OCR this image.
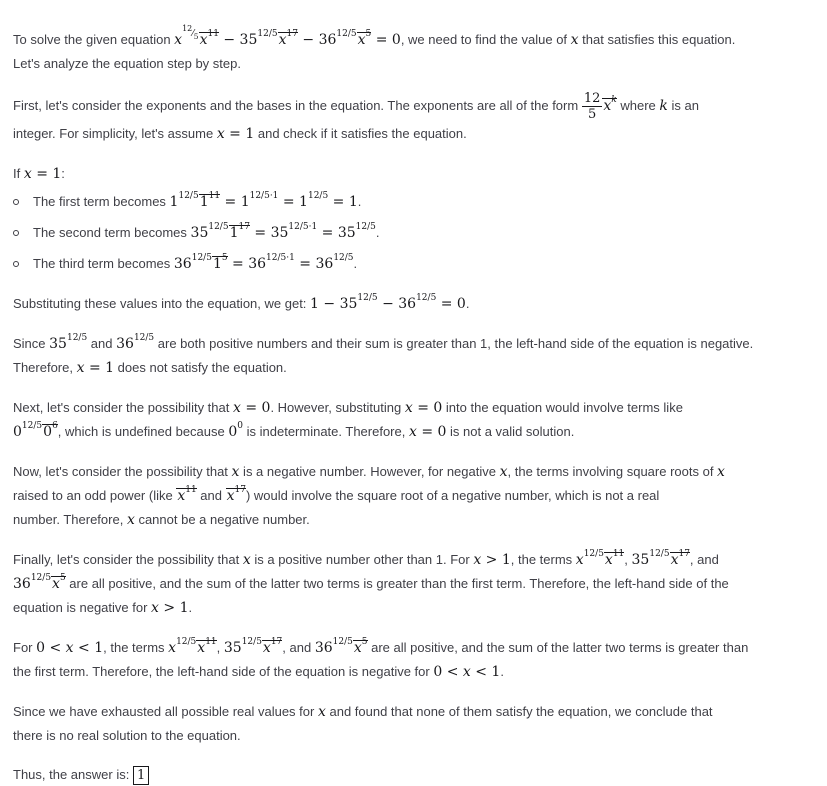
To solve the given equation $x^{^{12}⁄_5}x^{11} - 35^{12/5}x^{17} - 36^{12/5}x^5 = 0$, we need to find the value of x that satisfies this equation.

Let's analyze the equation step by step.

First, let's consider the exponents and the bases in the equation. The exponents are all of the form $\frac{12}{5} x^k$ where k is an

integer. For simplicity, let's assume x = 1 and check if it satisfies the equation.

If x = 1:

The first term becomes $1^{12/5}1^{11} = 1^{12/5\cdot 1} = 1^{12/5} = 1$.
The second term becomes $35^{12/5}1^{17} = 35^{12/5\cdot 1} = 35^{12/5}$.
The third term becomes $36^{12/5}1^5 = 36^{12/5\cdot 1} = 36^{12/5}$.

Substituting these values into the equation, we get: $1 - 35^{12/5} - 36^{12/5} = 0$.

Since $35^{12/5}$ and $36^{12/5}$ are both positive numbers and their sum is greater than 1, the left-hand side of the equation is negative.

Therefore, x = 1 does not satisfy the equation.

Next, let's consider the possibility that x = 0. However, substituting x = 0 into the equation would involve terms like

$0^{12/5}0^6$, which is undefined because $0^0$ is indeterminate. Therefore, x = 0 is not a valid solution.

Now, let's consider the possibility that x is a negative number. However, for negative x, the terms involving square roots of x

raised to an odd power (like $x^{11}$ and $x^{17}$) would involve the square root of a negative number, which is not a real

number. Therefore, x cannot be a negative number.

Finally, let's consider the possibility that x is a positive number other than 1. For x > 1, the terms $x^{12/5}x^{11}$, $35^{12/5}x^{17}$, and

$36^{12/5}x^5$ are all positive, and the sum of the latter two terms is greater than the first term. Therefore, the left-hand side of the

equation is negative for x > 1.

For 0 < x < 1, the terms $x^{12/5}x^{11}$, $35^{12/5}x^{17}$, and $36^{12/5}x^5$ are all positive, and the sum of the latter two terms is greater than

the first term. Therefore, the left-hand side of the equation is negative for 0 < x < 1.

Since we have exhausted all possible real values for x and found that none of them satisfy the equation, we conclude that

there is no real solution to the equation.

Thus, the answer is: 1
